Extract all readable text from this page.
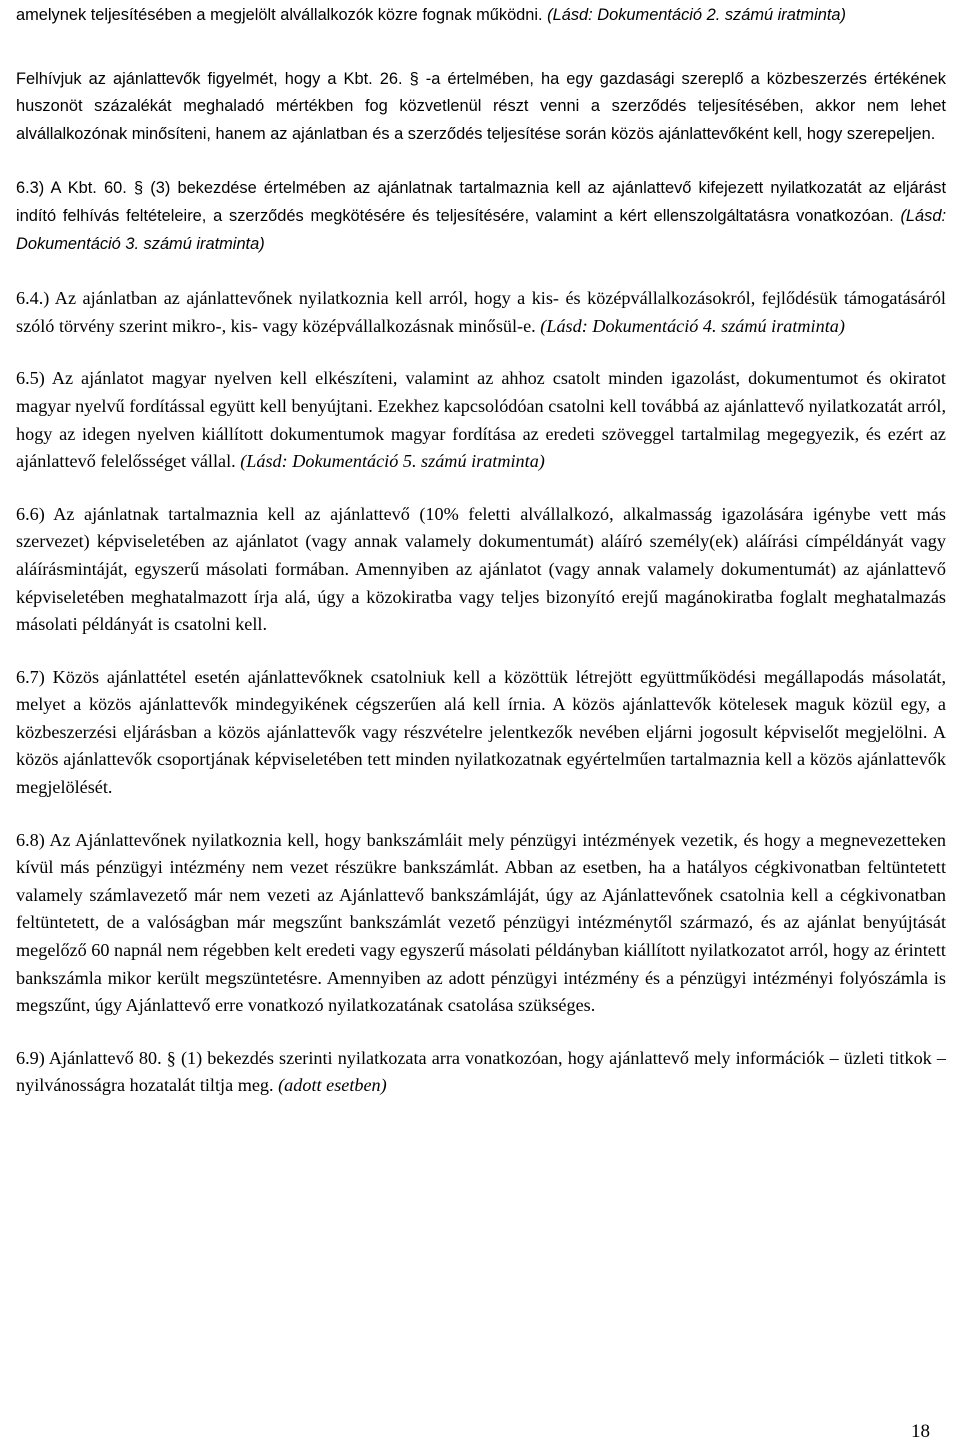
amelynek teljesítésében a megjelölt alvállalkozók közre fognak működni. (Lásd: Dokumentáció 2. számú iratminta)

Felhívjuk az ajánlattevők figyelmét, hogy a Kbt. 26. § -a értelmében, ha egy gazdasági szereplő a közbeszerzés értékének huszonöt százalékát meghaladó mértékben fog közvetlenül részt venni a szerződés teljesítésében, akkor nem lehet alvállalkozónak minősíteni, hanem az ajánlatban és a szerződés teljesítése során közös ajánlattevőként kell, hogy szerepeljen.

6.3) A Kbt. 60. § (3) bekezdése értelmében az ajánlatnak tartalmaznia kell az ajánlattevő kifejezett nyilatkozatát az eljárást indító felhívás feltételeire, a szerződés megkötésére és teljesítésére, valamint a kért ellenszolgáltatásra vonatkozóan. (Lásd: Dokumentáció 3. számú iratminta)

6.4.) Az ajánlatban az ajánlattevőnek nyilatkoznia kell arról, hogy a kis- és középvállalkozásokról, fejlődésük támogatásáról szóló törvény szerint mikro-, kis- vagy középvállalkozásnak minősül-e. (Lásd: Dokumentáció 4. számú iratminta)

6.5) Az ajánlatot magyar nyelven kell elkészíteni, valamint az ahhoz csatolt minden igazolást, dokumentumot és okiratot magyar nyelvű fordítással együtt kell benyújtani. Ezekhez kapcsolódóan csatolni kell továbbá az ajánlattevő nyilatkozatát arról, hogy az idegen nyelven kiállított dokumentumok magyar fordítása az eredeti szöveggel tartalmilag megegyezik, és ezért az ajánlattevő felelősséget vállal. (Lásd: Dokumentáció 5. számú iratminta)

6.6) Az ajánlatnak tartalmaznia kell az ajánlattevő (10% feletti alvállalkozó, alkalmasság igazolására igénybe vett más szervezet) képviseletében az ajánlatot (vagy annak valamely dokumentumát) aláíró személy(ek) aláírási címpéldányát vagy aláírásmintáját, egyszerű másolati formában. Amennyiben az ajánlatot (vagy annak valamely dokumentumát) az ajánlattevő képviseletében meghatalmazott írja alá, úgy a közokiratba vagy teljes bizonyító erejű magánokiratba foglalt meghatalmazás másolati példányát is csatolni kell.

6.7) Közös ajánlattétel esetén ajánlattevőknek csatolniuk kell a közöttük létrejött együttműködési megállapodás másolatát, melyet a közös ajánlattevők mindegyikének cégszerűen alá kell írnia. A közös ajánlattevők kötelesek maguk közül egy, a közbeszerzési eljárásban a közös ajánlattevők vagy részvételre jelentkezők nevében eljárni jogosult képviselőt megjelölni. A közös ajánlattevők csoportjának képviseletében tett minden nyilatkozatnak egyértelműen tartalmaznia kell a közös ajánlattevők megjelölését.

6.8) Az Ajánlattevőnek nyilatkoznia kell, hogy bankszámláit mely pénzügyi intézmények vezetik, és hogy a megnevezetteken kívül más pénzügyi intézmény nem vezet részükre bankszámlát. Abban az esetben, ha a hatályos cégkivonatban feltüntetett valamely számlavezető már nem vezeti az Ajánlattevő bankszámláját, úgy az Ajánlattevőnek csatolnia kell a cégkivonatban feltüntetett, de a valóságban már megszűnt bankszámlát vezető pénzügyi intézménytől származó, és az ajánlat benyújtását megelőző 60 napnál nem régebben kelt eredeti vagy egyszerű másolati példányban kiállított nyilatkozatot arról, hogy az érintett bankszámla mikor került megszüntetésre. Amennyiben az adott pénzügyi intézmény és a pénzügyi intézményi folyószámla is megszűnt, úgy Ajánlattevő erre vonatkozó nyilatkozatának csatolása szükséges.

6.9) Ajánlattevő 80. § (1) bekezdés szerinti nyilatkozata arra vonatkozóan, hogy ajánlattevő mely információk – üzleti titkok – nyilvánosságra hozatalát tiltja meg. (adott esetben)

18
